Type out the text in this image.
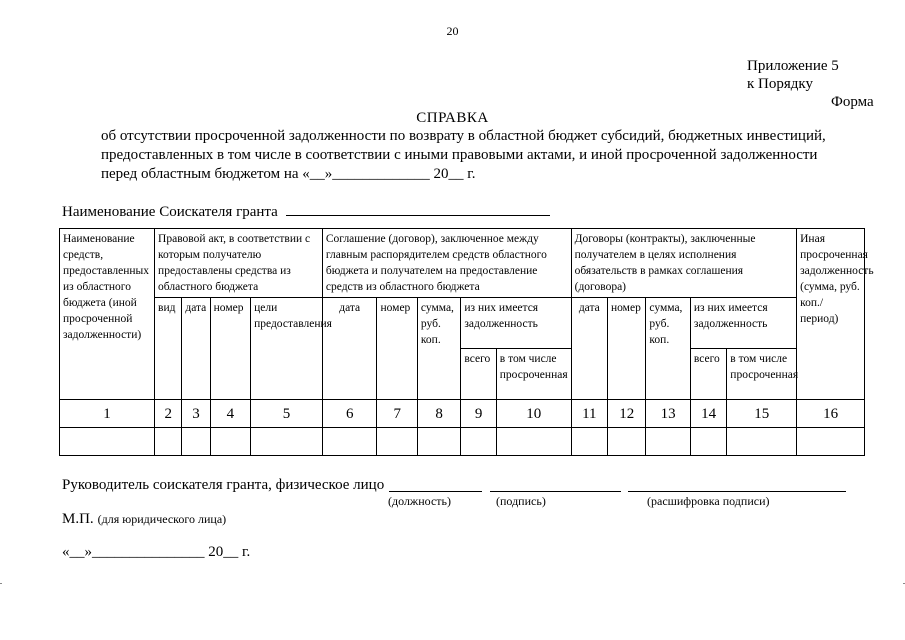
20
Приложение 5
к Порядку
Форма
СПРАВКА
об отсутствии просроченной задолженности по возврату в областной бюджет субсидий, бюджетных инвестиций,
предоставленных в том числе в соответствии с иными правовыми актами, и иной просроченной задолженности
перед областным бюджетом на «__»_____________ 20__ г.
Наименование Соискателя гранта
Наименование средств, предоставленных из областного бюджета (иной просроченной задолженности)	Правовой акт, в соответствии с которым получателю предоставлены средства из областного бюджета				Соглашение (договор), заключенное между главным распорядителем средств областного бюджета и получателем на предоставление средств из областного бюджета					Договоры (контракты), заключенные получателем в целях исполнения обязательств в рамках соглашения (договора)					Иная просроченная задолженность (сумма, руб. коп./период)
	вид	дата	номер	цели предоставления	дата	номер	сумма, руб. коп.	из них имеется задолженность		дата	номер	сумма, руб. коп.	из них имеется задолженность		
								всего	в том числе просроченная				всего	в том числе просроченная	
1	2	3	4	5	6	7	8	9	10	11	12	13	14	15	16

Руководитель соискателя гранта, физическое лицо
(должность)	(подпись)	(расшифровка подписи)
М.П. (для юридического лица)
«__»_______________ 20__ г.
